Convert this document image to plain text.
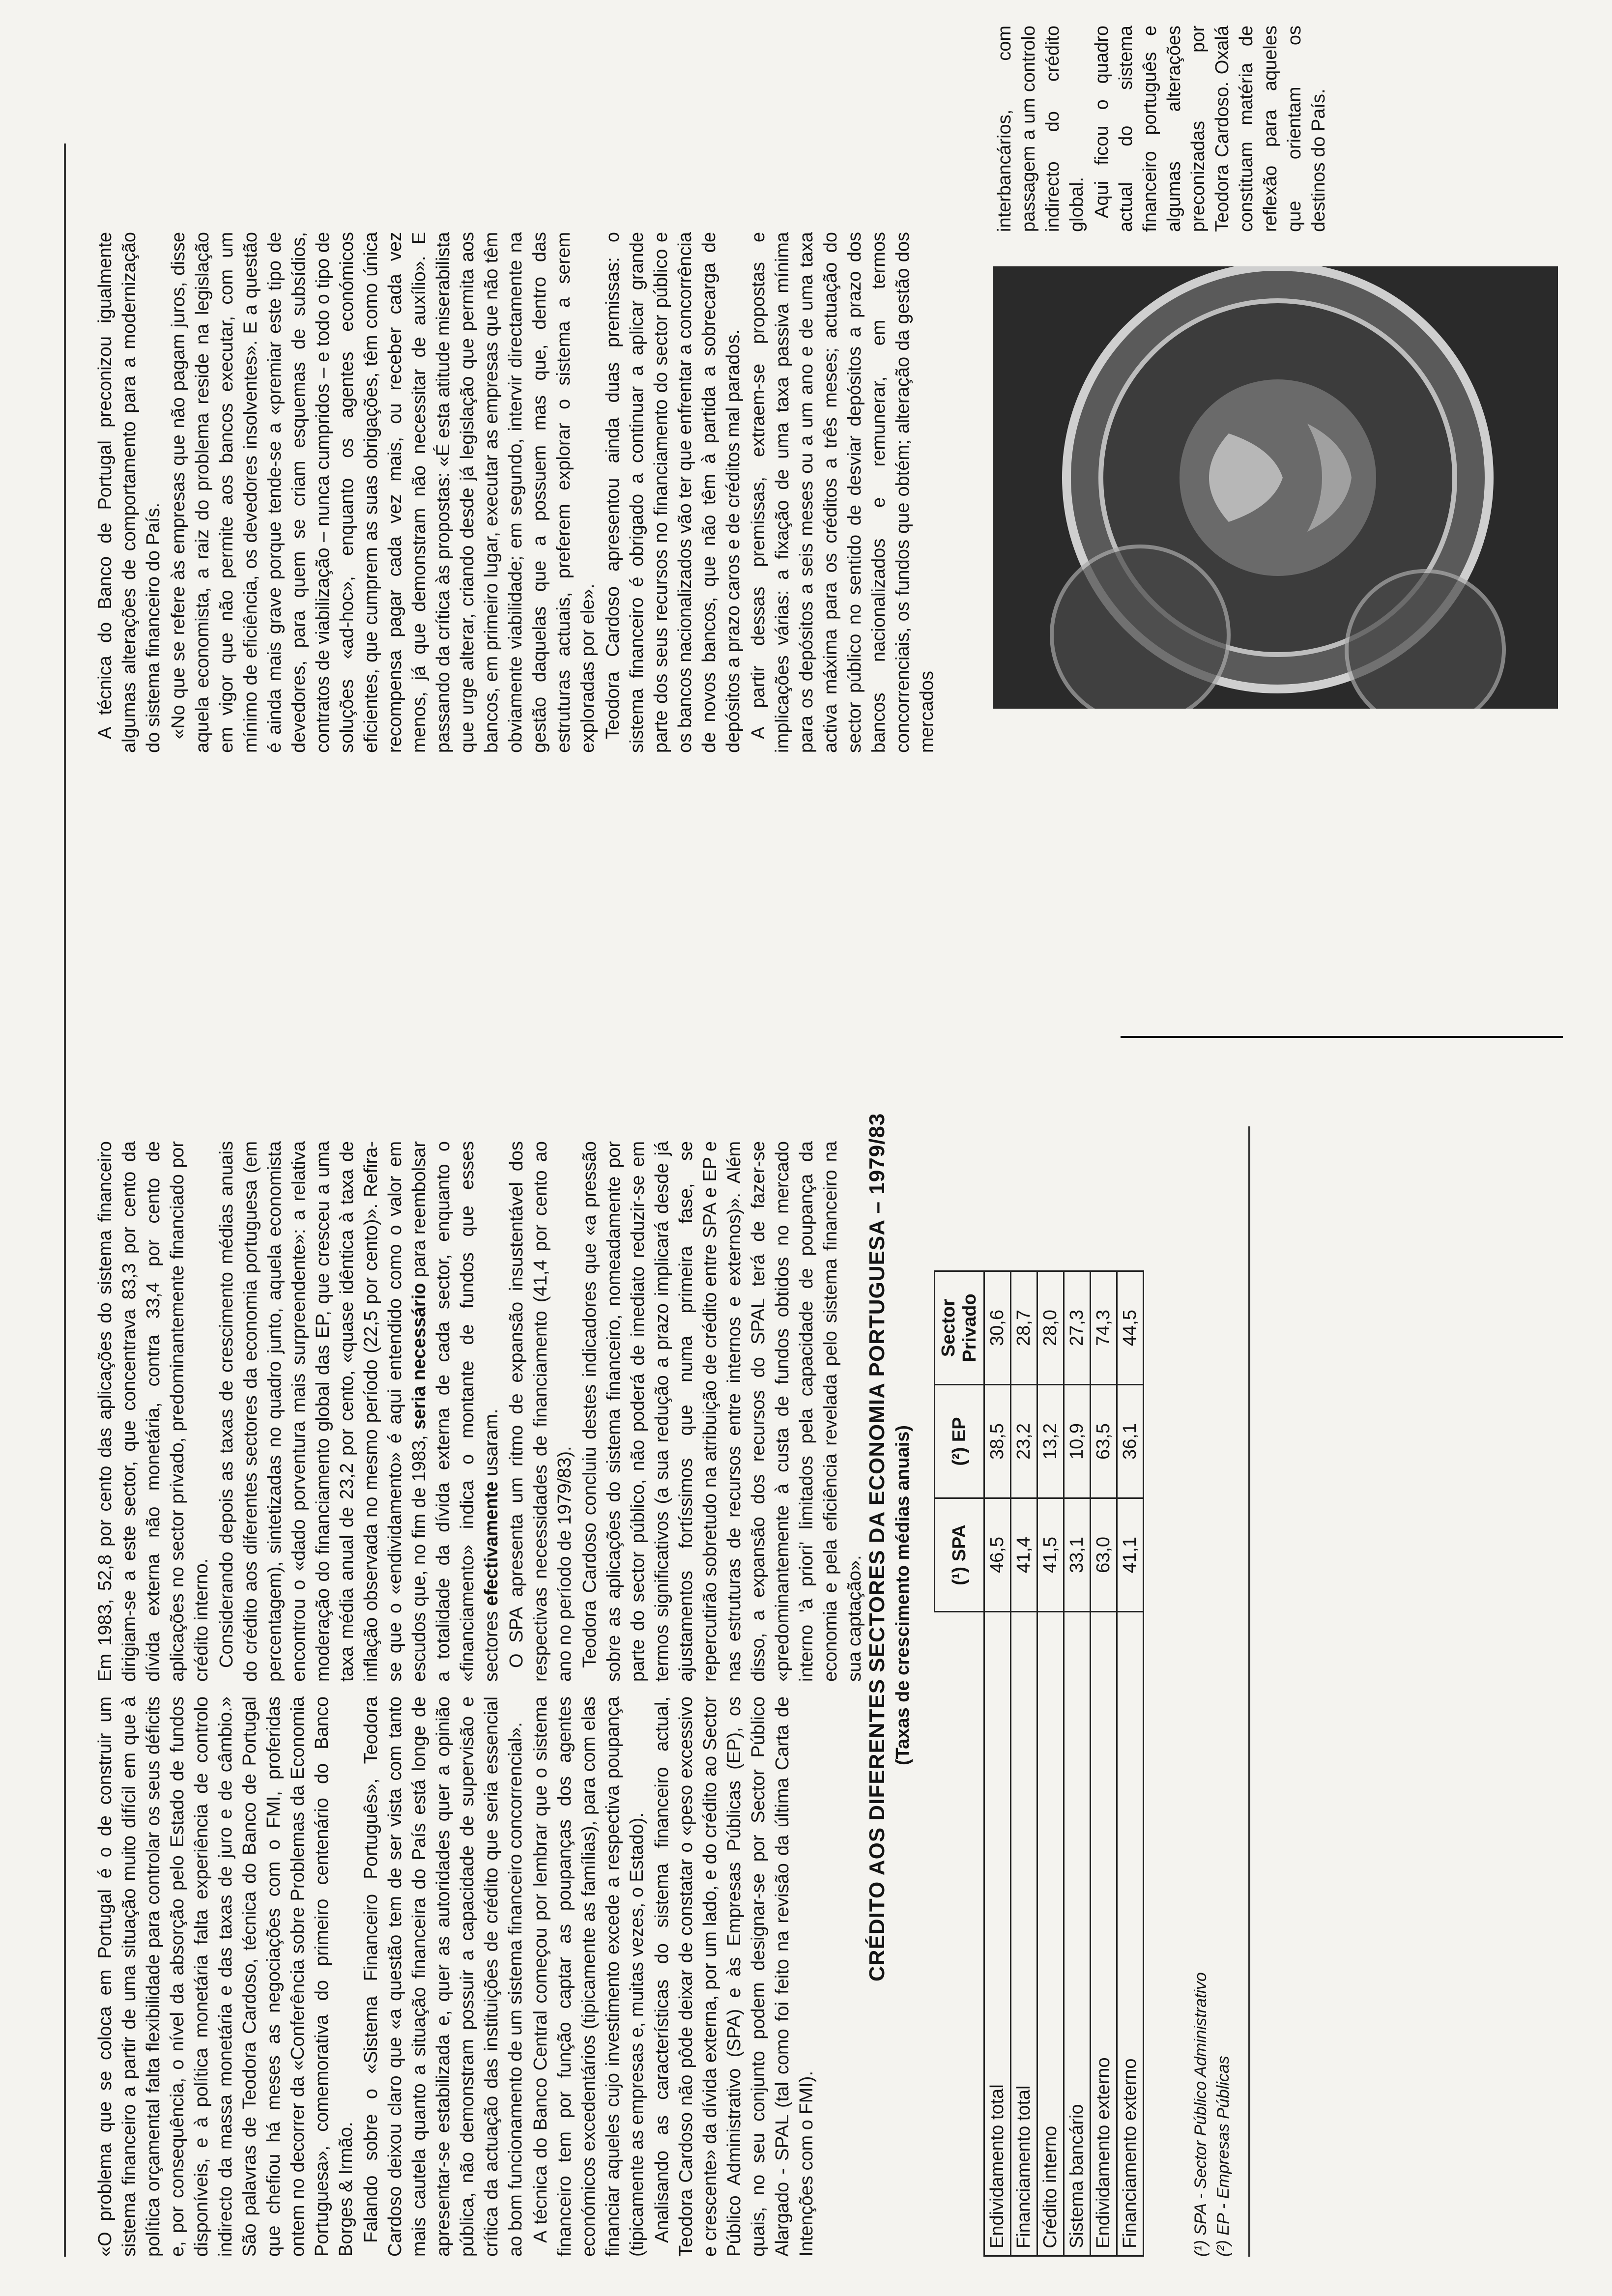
«O problema que se coloca em Portugal é o de construir um sistema financeiro a partir de uma situação muito difícil em que à política orçamental falta flexibilidade para controlar os seus déficits e, por consequência, o nível da absorção pelo Estado de fundos disponíveis, e à política monetária falta experiência de controlo indirecto da massa monetária e das taxas de juro e de câmbio.» São palavras de Teodora Cardoso, técnica do Banco de Portugal que chefiou há meses as negociações com o FMI, proferidas ontem no decorrer da «Conferência sobre Problemas da Economia Portuguesa», comemorativa do primeiro centenário do Banco Borges & Irmão. Falando sobre o «Sistema Financeiro Português», Teodora Cardoso deixou claro que «a questão tem de ser vista com tanto mais cautela quanto a situação financeira do País está longe de apresentar-se estabilizada e, quer as autoridades quer a opinião pública, não demonstram possuir a capacidade de supervisão e crítica da actuação das instituições de crédito que seria essencial ao bom funcionamento de um sistema financeiro concorrencial». A técnica do Banco Central começou por lembrar que o sistema financeiro tem por função captar as poupanças dos agentes económicos excedentários (tipicamente as famílias), para com elas financiar aqueles cujo investimento excede a respectiva poupança (tipicamente as empresas e, muitas vezes, o Estado). Analisando as características do sistema financeiro actual, Teodora Cardoso não pôde deixar de constatar o «peso excessivo e crescente» da dívida externa, por um lado, e do crédito ao Sector Público Administrativo (SPA) e às Empresas Públicas (EP), os quais, no seu conjunto podem designar-se por Sector Público Alargado - SPAL (tal como foi feito na revisão da última Carta de Intenções com o FMI).

Em 1983, 52,8 por cento das aplicações do sistema financeiro dirigiam-se a este sector, que concentrava 83,3 por cento da dívida externa não monetária, contra 33,4 por cento de aplicações no sector privado, predominantemente financiado por crédito interno. Considerando depois as taxas de crescimento médias anuais do crédito aos diferentes sectores da economia portuguesa (em percentagem), sintetizadas no quadro junto, aquela economista encontrou o «dado porventura mais surpreendente»: a relativa moderação do financiamento global das EP, que cresceu a uma taxa média anual de 23,2 por cento, «quase idêntica à taxa de inflação observada no mesmo período (22,5 por cento)». Refira-se que o «endividamento» é aqui entendido como o valor em escudos que, no fim de 1983, seria necessário para reembolsar a totalidade da dívida externa de cada sector, enquanto o «financiamento» indica o montante de fundos que esses sectores efectivamente usaram. O SPA apresenta um ritmo de expansão insustentável dos respectivas necessidades de financiamento (41,4 por cento ao ano no período de 1979/83). Teodora Cardoso concluiu destes indicadores que «a pressão sobre as aplicações do sistema financeiro, nomeadamente por parte do sector público, não poderá de imediato reduzir-se em termos significativos (a sua redução a prazo implicará desde já ajustamentos fortíssimos que numa primeira fase, se repercutirão sobretudo na atribuição de crédito entre SPA e EP e nas estruturas de recursos entre internos e externos)». Além disso, a expansão dos recursos do SPAL terá de fazer-se «predominantemente à custa de fundos obtidos no mercado interno 'à priori' limitados pela capacidade de poupança da economia e pela eficiência revelada pelo sistema financeiro na sua captação».

A técnica do Banco de Portugal preconizou igualmente algumas alterações de comportamento para a modernização do sistema financeiro do País. «No que se refere às empresas que não pagam juros, disse aquela economista, a raiz do problema reside na legislação em vigor que não permite aos bancos executar, com um mínimo de eficiência, os devedores insolventes». E a questão é ainda mais grave porque tende-se a «premiar este tipo de devedores, para quem se criam esquemas de subsídios, contratos de viabilização – nunca cumpridos – e todo o tipo de soluções «ad-hoc», enquanto os agentes económicos eficientes, que cumprem as suas obrigações, têm como única recompensa pagar cada vez mais, ou receber cada vez menos, já que demonstram não necessitar de auxílio». E passando da crítica às propostas: «É esta atitude miserabilista que urge alterar, criando desde já legislação que permita aos bancos, em primeiro lugar, executar as empresas que não têm obviamente viabilidade; em segundo, intervir directamente na gestão daquelas que a possuem mas que, dentro das estruturas actuais, preferem explorar o sistema a serem exploradas por ele». Teodora Cardoso apresentou ainda duas premissas: o sistema financeiro é obrigado a continuar a aplicar grande parte dos seus recursos no financiamento do sector público e os bancos nacionalizados vão ter que enfrentar a concorrência de novos bancos, que não têm à partida a sobrecarga de depósitos a prazo caros e de créditos mal parados. A partir dessas premissas, extraem-se propostas e implicações várias: a fixação de uma taxa passiva mínima para os depósitos a seis meses ou a um ano e de uma taxa activa máxima para os créditos a três meses; actuação do sector público no sentido de desviar depósitos a prazo dos bancos nacionalizados e remunerar, em termos concorrenciais, os fundos que obtém; alteração da gestão dos mercados

CRÉDITO AOS DIFERENTES SECTORES DA ECONOMIA PORTUGUESA – 1979/83 (Taxas de crescimento médias anuais)
	(¹) SPA	(²) EP	Sector Privado
Endividamento total	46,5	38,5	30,6
Financiamento total	41,4	23,2	28,7
Crédito interno	41,5	13,2	28,0
Sistema bancário	33,1	10,9	27,3
Endividamento externo	63,0	63,5	74,3
Financiamento externo	41,1	36,1	44,5
(¹) SPA - Sector Público Administrativo (²) EP - Empresas Públicas

interbancários, com passagem a um controlo indirecto do crédito global. Aqui ficou o quadro actual do sistema financeiro português e algumas alterações preconizadas por Teodora Cardoso. Oxalá constituam matéria de reflexão para aqueles que orientam os destinos do País.
